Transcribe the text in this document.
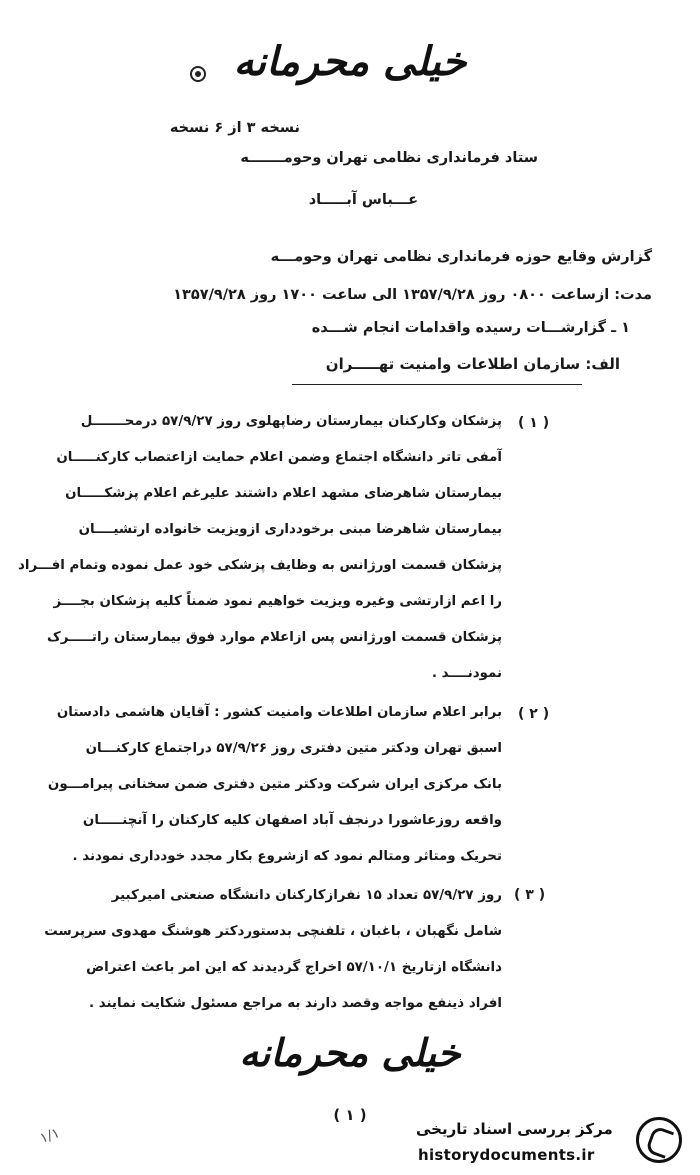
خیلی محرمانه
نسخه ۳ از ۶ نسخه
ستاد فرمانداری نظامی تهران وحومـــــــه
عـــباس آبـــــاد
گزارش وقایع حوزه فرمانداری نظامی تهران وحومـــه
مدت: ازساعت ۰۸۰۰ روز ۱۳۵۷/۹/۲۸ الی ساعت ۱۷۰۰ روز ۱۳۵۷/۹/۲۸
۱ ـ گزارشـــات رسیده واقدامات انجام شـــده
الف: سازمان اطلاعات وامنیت تهـــــران
( ۱ )
پزشکان وکارکنان بیمارستان رضاپهلوی روز ۵۷/۹/۲۷ درمحـــــــل
آمفی تاتر دانشگاه اجتماع وضمن اعلام حمایت ازاعتصاب کارکنـــــان
بیمارستان شاهرضای مشهد اعلام داشتند علیرغم اعلام پزشکـــــان
بیمارستان شاهرضا مبنی برخودداری ازویزیت خانواده ارتشیــــان
پزشکان قسمت اورژانس به وظایف پزشکی خود عمل نموده وتمام افـــراد
را اعم ازارتشی وغیره ویزیت خواهیم نمود ضمناً کلیه پزشکان بجــــز
پزشکان قسمت اورژانس پس ازاعلام موارد فوق بیمارستان راتـــــرک
نمودنــــد .
( ۲ )
برابر اعلام سازمان اطلاعات وامنیت کشور : آقایان هاشمی دادستان
اسبق تهران ودکتر متین دفتری روز ۵۷/۹/۲۶ دراجتماع کارکنـــان
بانک مرکزی ایران شرکت ودکتر متین دفتری ضمن سخنانی پیرامـــون
واقعه روزعاشورا درنجف آباد اصفهان کلیه کارکنان را آنچنـــــان
تحریک ومتاثر ومتالم نمود که ازشروع بکار مجدد خودداری نمودند .
( ۳ )
روز ۵۷/۹/۲۷ تعداد ۱۵ نفرازکارکنان دانشگاه صنعتی امیرکبیر
شامل نگهبان ، باغبان ، تلفنچی بدستوردکتر هوشنگ مهدوی سرپرست
دانشگاه ازتاریخ ۵۷/۱۰/۱ اخراج گردیدند که این امر باعث اعتراض
افراد ذینفع مواجه وقصد دارند به مراجع مسئول شکایت نمایند .
خیلی محرمانه
( ۱ )
۱/۱	مرکز بررسی اسناد تاریخی
historydocuments.ir
